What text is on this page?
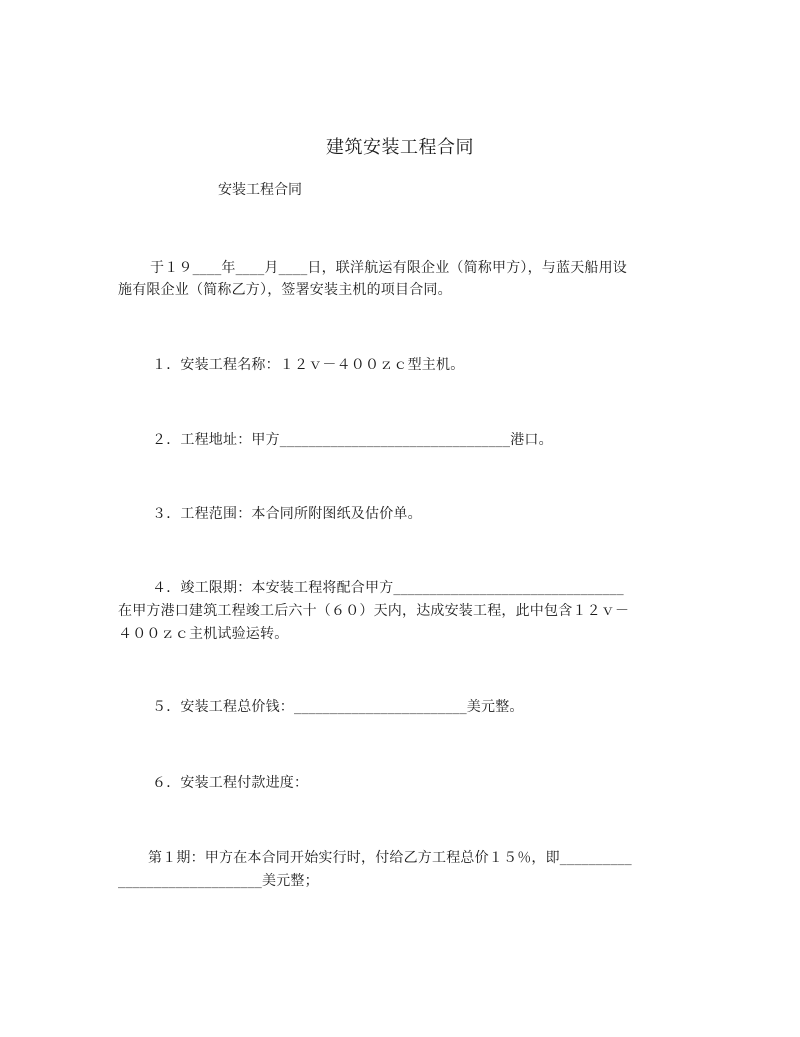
建筑安装工程合同
安装工程合同
于１９____年____月____日，联洋航运有限企业（简称甲方），与蓝天船用设
施有限企业（简称乙方），签署安装主机的项目合同。
１．安装工程名称：１２ｖ－４００ｚｃ型主机。
２．工程地址：甲方________________________________港口。
３．工程范围：本合同所附图纸及估价单。
４．竣工限期：本安装工程将配合甲方________________________________
在甲方港口建筑工程竣工后六十（６０）天内，达成安装工程，此中包含１２ｖ－
４００ｚｃ主机试验运转。
５．安装工程总价钱：________________________美元整。
６．安装工程付款进度：
第１期：甲方在本合同开始实行时，付给乙方工程总价１５％，即__________
____________________美元整；
